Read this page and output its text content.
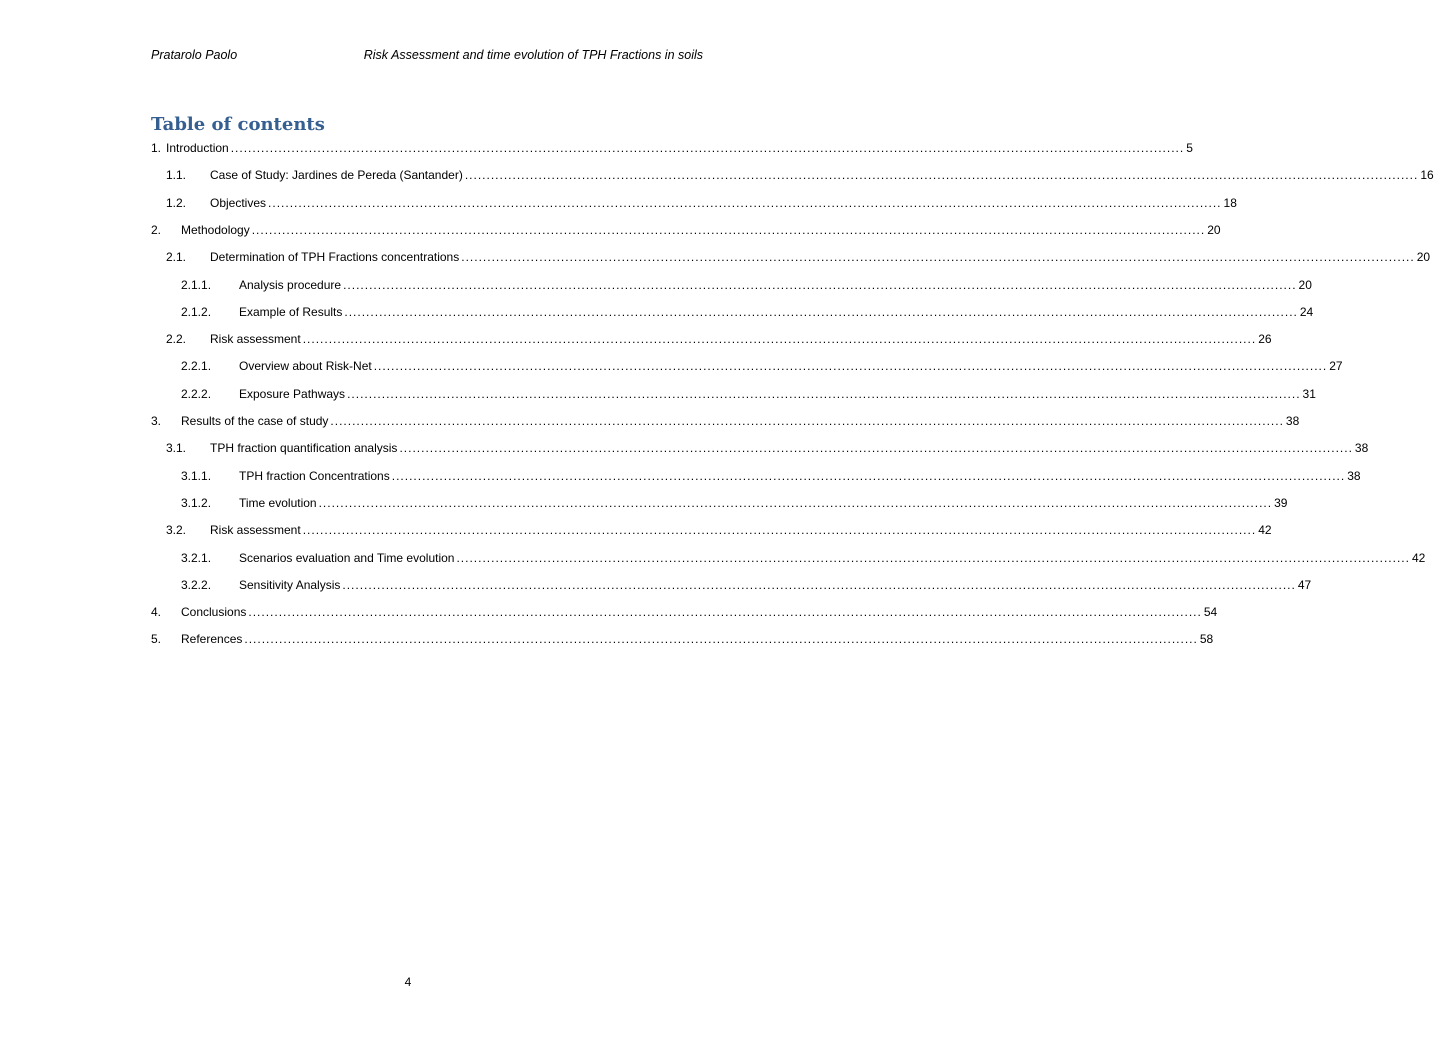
Pratarolo Paolo	Risk Assessment and time evolution of TPH Fractions in soils
Table of contents
1. Introduction ............................................................................................................................................................................................................................ 5
1.1. Case of Study: Jardines de Pereda (Santander) ............................................................................................................................................................................................................................ 16
1.2. Objectives ............................................................................................................................................................................................................................ 18
2. Methodology ............................................................................................................................................................................................................................ 20
2.1. Determination of TPH Fractions concentrations ............................................................................................................................................................................................................................ 20
2.1.1. Analysis procedure ............................................................................................................................................................................................................................ 20
2.1.2. Example of Results ............................................................................................................................................................................................................................ 24
2.2. Risk assessment ............................................................................................................................................................................................................................ 26
2.2.1. Overview about Risk-Net ............................................................................................................................................................................................................................ 27
2.2.2. Exposure Pathways ............................................................................................................................................................................................................................ 31
3. Results of the case of study ............................................................................................................................................................................................................................ 38
3.1. TPH fraction quantification analysis ............................................................................................................................................................................................................................ 38
3.1.1. TPH fraction Concentrations ............................................................................................................................................................................................................................ 38
3.1.2. Time evolution ............................................................................................................................................................................................................................ 39
3.2. Risk assessment ............................................................................................................................................................................................................................ 42
3.2.1. Scenarios evaluation and Time evolution ............................................................................................................................................................................................................................ 42
3.2.2. Sensitivity Analysis ............................................................................................................................................................................................................................ 47
4. Conclusions ............................................................................................................................................................................................................................ 54
5. References ............................................................................................................................................................................................................................ 58
4
